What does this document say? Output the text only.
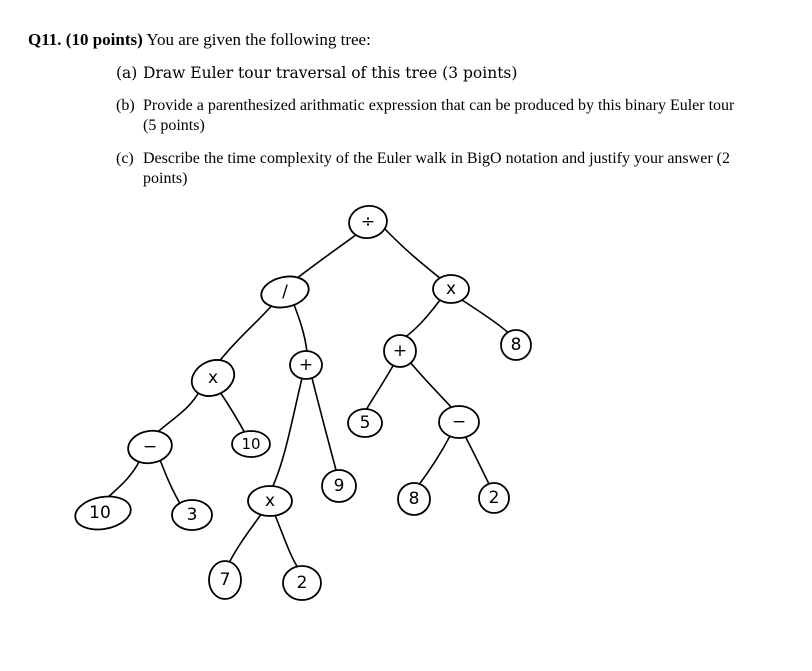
Q11. (10 points) You are given the following tree:
(a) Draw Euler tour traversal of this tree (3 points)
(b) Provide a parenthesized arithmatic expression that can be produced by this binary Euler tour
(5 points)
(c) Describe the time complexity of the Euler walk in BigO notation and justify your answer (2
points)
÷
/	x
x
+
−	10
10	3
x
9
7	2
+	8
5	−
8	2
